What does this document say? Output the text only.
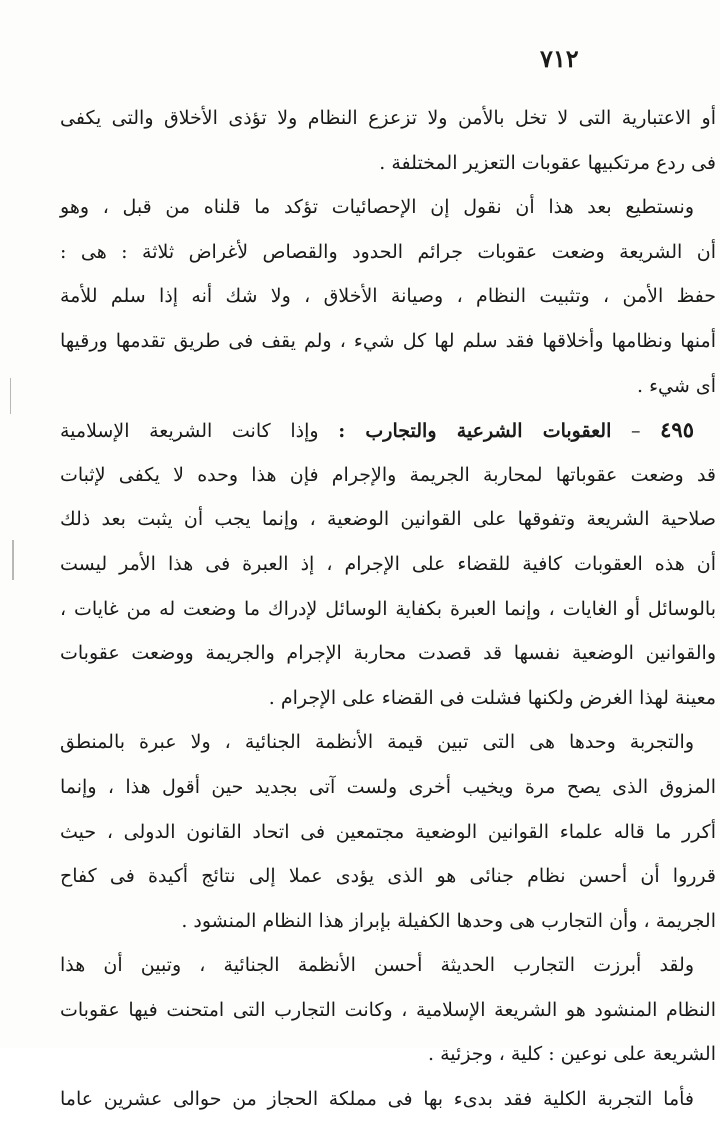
٧١٢
أو الاعتبارية التى لا تخل بالأمن ولا تزعزع النظام ولا تؤذى الأخلاق والتى يكفى
فى ردع مرتكبيها عقوبات التعزير المختلفة .
ونستطيع بعد هذا أن نقول إن الإحصائيات تؤكد ما قلناه من قبل ، وهو
أن الشريعة وضعت عقوبات جرائم الحدود والقصاص لأغراض ثلاثة : هى :
حفظ الأمن ، وتثبيت النظام ، وصيانة الأخلاق ، ولا شك أنه إذا سلم للأمة
أمنها ونظامها وأخلاقها فقد سلم لها كل شيء ، ولم يقف فى طريق تقدمها ورقيها
أى شيء .
٤٩٥ – العقوبات الشرعية والتجارب : وإذا كانت الشريعة الإسلامية
قد وضعت عقوباتها لمحاربة الجريمة والإجرام فإن هذا وحده لا يكفى لإثبات
صلاحية الشريعة وتفوقها على القوانين الوضعية ، وإنما يجب أن يثبت بعد ذلك
أن هذه العقوبات كافية للقضاء على الإجرام ، إذ العبرة فى هذا الأمر ليست
بالوسائل أو الغايات ، وإنما العبرة بكفاية الوسائل لإدراك ما وضعت له من غايات ،
والقوانين الوضعية نفسها قد قصدت محاربة الإجرام والجريمة ووضعت عقوبات
معينة لهذا الغرض ولكنها فشلت فى القضاء على الإجرام .
والتجربة وحدها هى التى تبين قيمة الأنظمة الجنائية ، ولا عبرة بالمنطق
المزوق الذى يصح مرة ويخيب أخرى ولست آتى بجديد حين أقول هذا ، وإنما
أكرر ما قاله علماء القوانين الوضعية مجتمعين فى اتحاد القانون الدولى ، حيث
قرروا أن أحسن نظام جنائى هو الذى يؤدى عملا إلى نتائج أكيدة فى كفاح
الجريمة ، وأن التجارب هى وحدها الكفيلة بإبراز هذا النظام المنشود .
ولقد أبرزت التجارب الحديثة أحسن الأنظمة الجنائية ، وتبين أن هذا
النظام المنشود هو الشريعة الإسلامية ، وكانت التجارب التى امتحنت فيها عقوبات
الشريعة على نوعين : كلية ، وجزئية .
فأما التجربة الكلية فقد بدىء بها فى مملكة الحجاز من حوالى عشرين عاما
